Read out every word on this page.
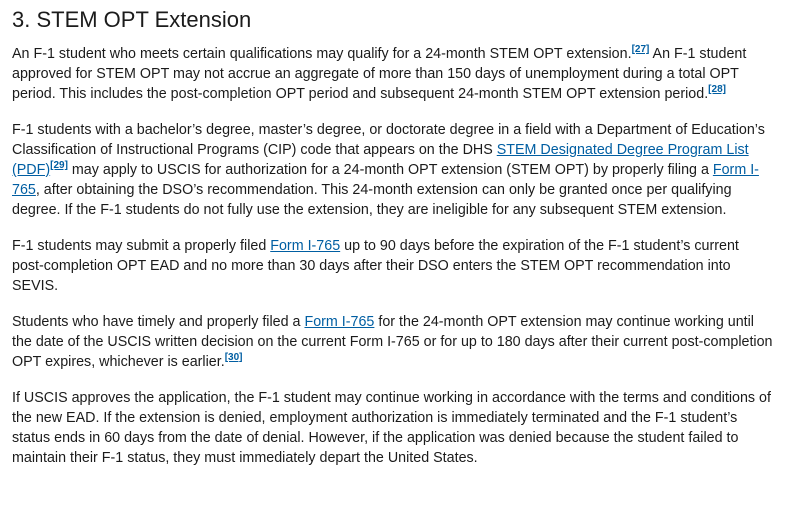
3. STEM OPT Extension

An F-1 student who meets certain qualifications may qualify for a 24-month STEM OPT extension.[27] An F-1 student approved for STEM OPT may not accrue an aggregate of more than 150 days of unemployment during a total OPT period. This includes the post-completion OPT period and subsequent 24-month STEM OPT extension period.[28]

F-1 students with a bachelor’s degree, master’s degree, or doctorate degree in a field with a Department of Education’s Classification of Instructional Programs (CIP) code that appears on the DHS STEM Designated Degree Program List (PDF)[29] may apply to USCIS for authorization for a 24-month OPT extension (STEM OPT) by properly filing a Form I-765, after obtaining the DSO’s recommendation. This 24-month extension can only be granted once per qualifying degree. If the F-1 students do not fully use the extension, they are ineligible for any subsequent STEM extension.

F-1 students may submit a properly filed Form I-765 up to 90 days before the expiration of the F-1 student’s current post-completion OPT EAD and no more than 30 days after their DSO enters the STEM OPT recommendation into SEVIS.

Students who have timely and properly filed a Form I-765 for the 24-month OPT extension may continue working until the date of the USCIS written decision on the current Form I-765 or for up to 180 days after their current post-completion OPT expires, whichever is earlier.[30]

If USCIS approves the application, the F-1 student may continue working in accordance with the terms and conditions of the new EAD. If the extension is denied, employment authorization is immediately terminated and the F-1 student’s status ends in 60 days from the date of denial. However, if the application was denied because the student failed to maintain their F-1 status, they must immediately depart the United States.
